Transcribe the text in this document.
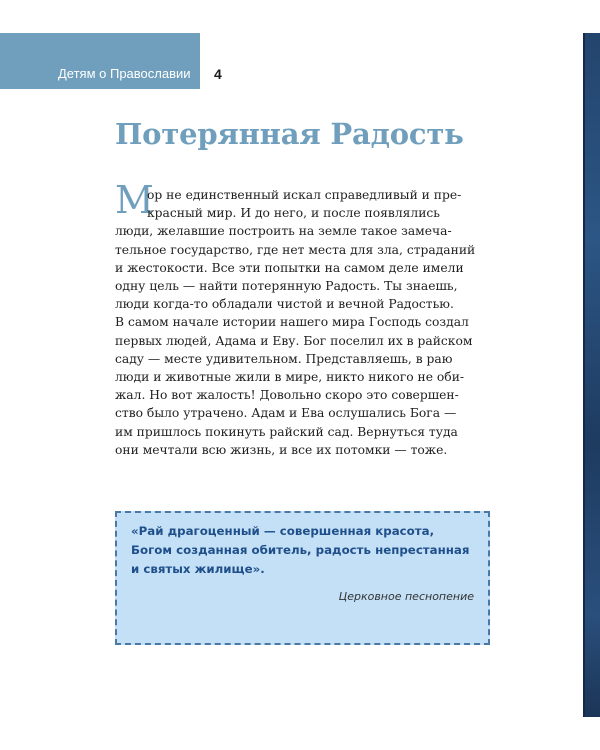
Детям о Православии 4
Потерянная Радость
М
ор не единственный искал справедливый и пре-
красный мир. И до него, и после появлялись
люди, желавшие построить на земле такое замеча-
тельное государство, где нет места для зла, страданий
и жестокости. Все эти попытки на самом деле имели
одну цель — найти потерянную Радость. Ты знаешь,
люди когда-то обладали чистой и вечной Радостью.
В самом начале истории нашего мира Господь создал
первых людей, Адама и Еву. Бог поселил их в райском
саду — месте удивительном. Представляешь, в раю
люди и животные жили в мире, никто никого не оби-
жал. Но вот жалость! Довольно скоро это совершен-
ство было утрачено. Адам и Ева ослушались Бога —
им пришлось покинуть райский сад. Вернуться туда
они мечтали всю жизнь, и все их потомки — тоже.
«Рай драгоценный — совершенная красота,
Богом созданная обитель, радость непрестанная
и святых жилище».
Церковное песнопение
